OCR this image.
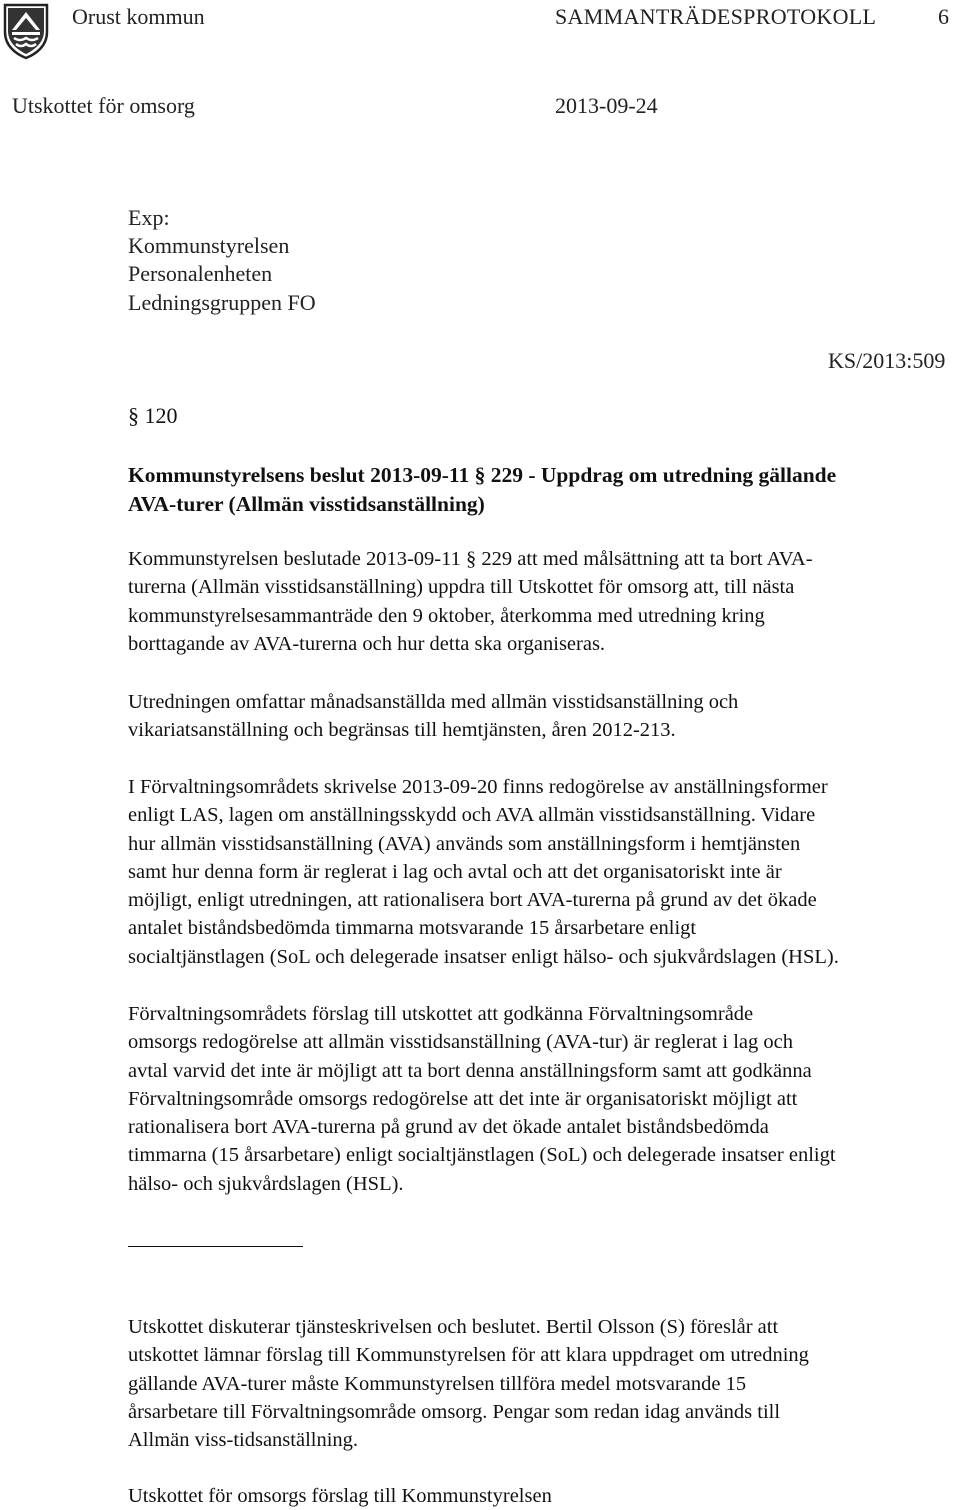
Orust kommun	SAMMANTRÄDESPROTOKOLL	6
Utskottet för omsorg	2013-09-24
Exp:
Kommunstyrelsen
Personalenheten
Ledningsgruppen FO
KS/2013:509
§ 120
Kommunstyrelsens beslut 2013-09-11 § 229 - Uppdrag om utredning gällande
AVA-turer (Allmän visstidsanställning)
Kommunstyrelsen beslutade 2013-09-11 § 229 att med målsättning att ta bort AVA-
turerna (Allmän visstidsanställning) uppdra till Utskottet för omsorg att, till nästa
kommunstyrelsesammanträde den 9 oktober, återkomma med utredning kring
borttagande av AVA-turerna och hur detta ska organiseras.
Utredningen omfattar månadsanställda med allmän visstidsanställning och
vikariatsanställning och begränsas till hemtjänsten, åren 2012-213.
I Förvaltningsområdets skrivelse 2013-09-20 finns redogörelse av anställningsformer
enligt LAS, lagen om anställningsskydd och AVA allmän visstidsanställning. Vidare
hur allmän visstidsanställning (AVA) används som anställningsform i hemtjänsten
samt hur denna form är reglerat i lag och avtal och att det organisatoriskt inte är
möjligt, enligt utredningen, att rationalisera bort AVA-turerna på grund av det ökade
antalet biståndsbedömda timmarna motsvarande 15 årsarbetare enligt
socialtjänstlagen (SoL och delegerade insatser enligt hälso- och sjukvårdslagen (HSL).
Förvaltningsområdets förslag till utskottet att godkänna Förvaltningsområde
omsorgs redogörelse att allmän visstidsanställning (AVA-tur) är reglerat i lag och
avtal varvid det inte är möjligt att ta bort denna anställningsform samt att godkänna
Förvaltningsområde omsorgs redogörelse att det inte är organisatoriskt möjligt att
rationalisera bort AVA-turerna på grund av det ökade antalet biståndsbedömda
timmarna (15 årsarbetare) enligt socialtjänstlagen (SoL) och delegerade insatser enligt
hälso- och sjukvårdslagen (HSL).
Utskottet diskuterar tjänsteskrivelsen och beslutet. Bertil Olsson (S) föreslår att
utskottet lämnar förslag till Kommunstyrelsen för att klara uppdraget om utredning
gällande AVA-turer måste Kommunstyrelsen tillföra medel motsvarande 15
årsarbetare till Förvaltningsområde omsorg. Pengar som redan idag används till
Allmän viss-tidsanställning.
Utskottet för omsorgs förslag till Kommunstyrelsen
